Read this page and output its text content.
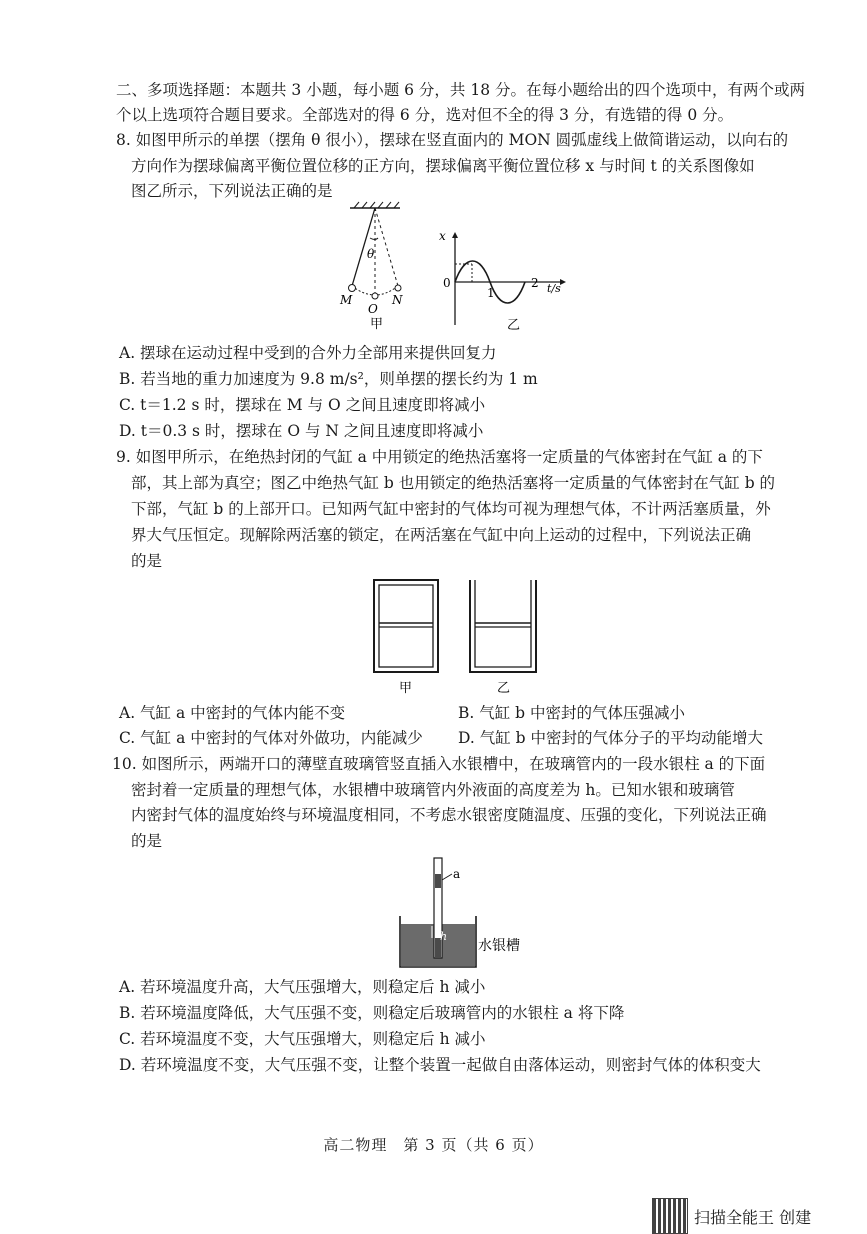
二、多项选择题：本题共 3 小题，每小题 6 分，共 18 分。在每小题给出的四个选项中，有两个或两
个以上选项符合题目要求。全部选对的得 6 分，选对但不全的得 3 分，有选错的得 0 分。
8. 如图甲所示的单摆（摆角 θ 很小），摆球在竖直面内的 MON 圆弧虚线上做简谐运动，以向右的
方向作为摆球偏离平衡位置位移的正方向，摆球偏离平衡位置位移 x 与时间 t 的关系图像如
图乙所示，下列说法正确的是
θ
M
O
N
甲
x
0
1
2 t/s
乙
A. 摆球在运动过程中受到的合外力全部用来提供回复力
B. 若当地的重力加速度为 9.8 m/s²，则单摆的摆长约为 1 m
C. t＝1.2 s 时，摆球在 M 与 O 之间且速度即将减小
D. t＝0.3 s 时，摆球在 O 与 N 之间且速度即将减小
9. 如图甲所示，在绝热封闭的气缸 a 中用锁定的绝热活塞将一定质量的气体密封在气缸 a 的下
部，其上部为真空；图乙中绝热气缸 b 也用锁定的绝热活塞将一定质量的气体密封在气缸 b 的
下部，气缸 b 的上部开口。已知两气缸中密封的气体均可视为理想气体，不计两活塞质量，外
界大气压恒定。现解除两活塞的锁定，在两活塞在气缸中向上运动的过程中，下列说法正确
的是
甲	乙
A. 气缸 a 中密封的气体内能不变	B. 气缸 b 中密封的气体压强减小
C. 气缸 a 中密封的气体对外做功，内能减少 D. 气缸 b 中密封的气体分子的平均动能增大
10. 如图所示，两端开口的薄壁直玻璃管竖直插入水银槽中，在玻璃管内的一段水银柱 a 的下面
密封着一定质量的理想气体，水银槽中玻璃管内外液面的高度差为 h。已知水银和玻璃管
内密封气体的温度始终与环境温度相同，不考虑水银密度随温度、压强的变化，下列说法正确
的是
a
h
水银槽
A. 若环境温度升高，大气压强增大，则稳定后 h 减小
B. 若环境温度降低，大气压强不变，则稳定后玻璃管内的水银柱 a 将下降
C. 若环境温度不变，大气压强增大，则稳定后 h 减小
D. 若环境温度不变，大气压强不变，让整个装置一起做自由落体运动，则密封气体的体积变大
高二物理　第 3 页（共 6 页）
扫描全能王 创建
